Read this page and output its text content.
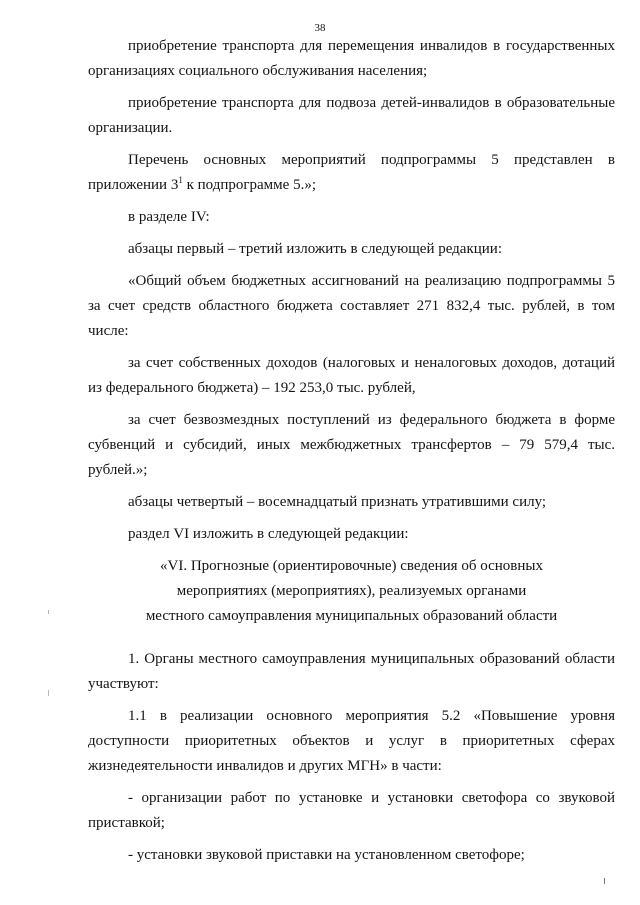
38

приобретение транспорта для перемещения инвалидов в государственных организациях социального обслуживания населения;

приобретение транспорта для подвоза детей-инвалидов в образовательные организации.

Перечень основных мероприятий подпрограммы 5 представлен в приложении $3^1$ к подпрограмме 5.»;

в разделе IV:

абзацы первый – третий изложить в следующей редакции:

«Общий объем бюджетных ассигнований на реализацию подпрограммы 5 за счет средств областного бюджета составляет 271 832,4 тыс. рублей, в том числе:

за счет собственных доходов (налоговых и неналоговых доходов, дотаций из федерального бюджета) – 192 253,0 тыс. рублей,

за счет безвозмездных поступлений из федерального бюджета в форме субвенций и субсидий, иных межбюджетных трансфертов – 79 579,4 тыс. рублей.»;

абзацы четвертый – восемнадцатый признать утратившими силу;

раздел VI изложить в следующей редакции:

«VI. Прогнозные (ориентировочные) сведения об основных
мероприятиях (мероприятиях), реализуемых органами
местного самоуправления муниципальных образований области

1. Органы местного самоуправления муниципальных образований области участвуют:

1.1 в реализации основного мероприятия 5.2 «Повышение уровня доступности приоритетных объектов и услуг в приоритетных сферах жизнедеятельности инвалидов и других МГН» в части:

- организации работ по установке и установки светофора со звуковой приставкой;

- установки звуковой приставки на установленном светофоре;
